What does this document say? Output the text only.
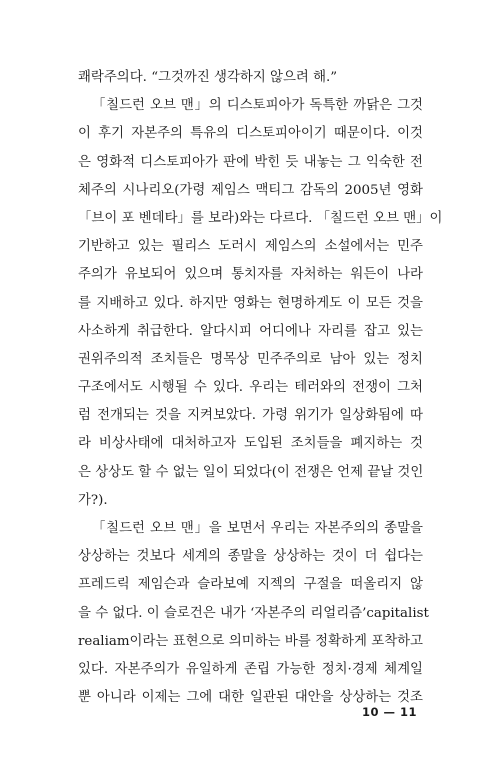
쾌락주의다. “그것까진 생각하지 않으려 해.”
「칠드런 오브 맨」의 디스토피아가 독특한 까닭은 그것
이 후기 자본주의 특유의 디스토피아이기 때문이다. 이것
은 영화적 디스토피아가 판에 박힌 듯 내놓는 그 익숙한 전
체주의 시나리오(가령 제임스 맥티그 감독의 2005년 영화
「브이 포 벤데타」를 보라)와는 다르다. 「칠드런 오브 맨」이
기반하고 있는 필리스 도러시 제임스의 소설에서는 민주
주의가 유보되어 있으며 통치자를 자처하는 워든이 나라
를 지배하고 있다. 하지만 영화는 현명하게도 이 모든 것을
사소하게 취급한다. 알다시피 어디에나 자리를 잡고 있는
권위주의적 조치들은 명목상 민주주의로 남아 있는 정치
구조에서도 시행될 수 있다. 우리는 테러와의 전쟁이 그처
럼 전개되는 것을 지켜보았다. 가령 위기가 일상화됨에 따
라 비상사태에 대처하고자 도입된 조치들을 폐지하는 것
은 상상도 할 수 없는 일이 되었다(이 전쟁은 언제 끝날 것인
가?).
「칠드런 오브 맨」을 보면서 우리는 자본주의의 종말을
상상하는 것보다 세계의 종말을 상상하는 것이 더 쉽다는
프레드릭 제임슨과 슬라보예 지젝의 구절을 떠올리지 않
을 수 없다. 이 슬로건은 내가 ‘자본주의 리얼리즘’capitalist
realiam이라는 표현으로 의미하는 바를 정확하게 포착하고
있다. 자본주의가 유일하게 존립 가능한 정치·경제 체계일
뿐 아니라 이제는 그에 대한 일관된 대안을 상상하는 것조
10 — 11
